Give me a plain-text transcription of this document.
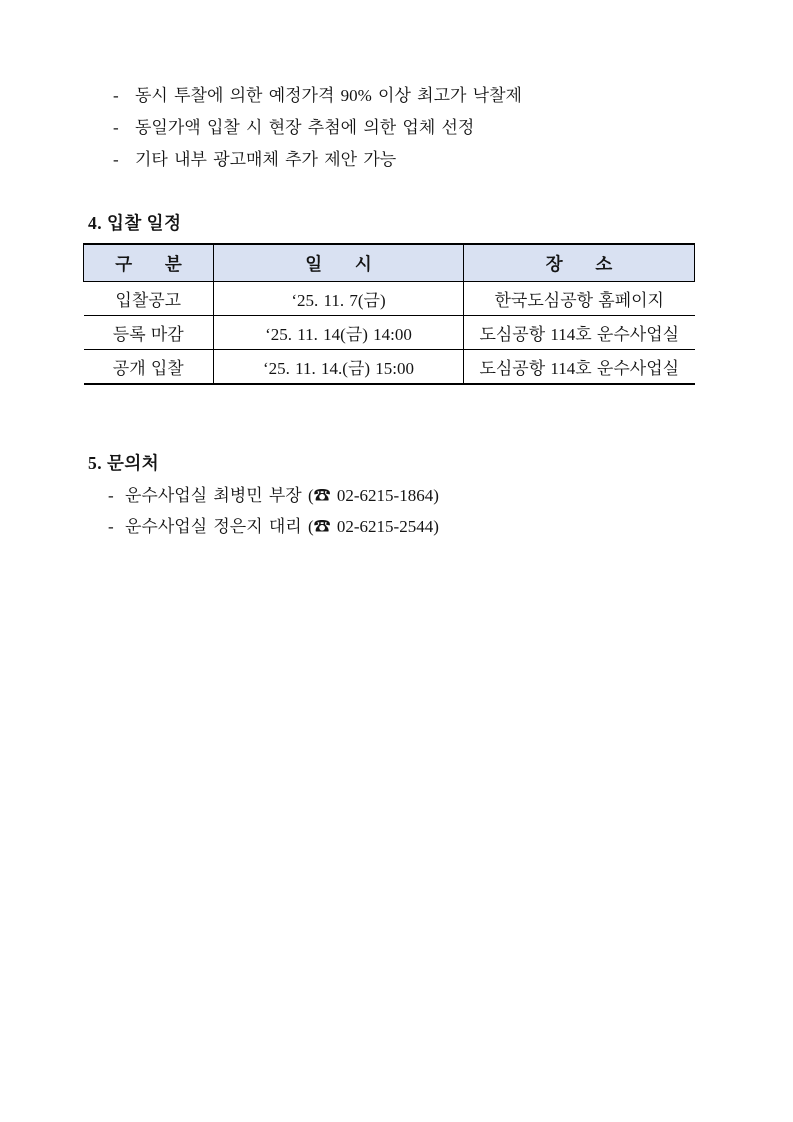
- 동시 투찰에 의한 예정가격 90% 이상 최고가 낙찰제
- 동일가액 입찰 시 현장 추첨에 의한 업체 선정
- 기타 내부 광고매체 추가 제안 가능
4. 입찰 일정
구  분	일  시	장  소
입찰공고	‘25. 11. 7(금)	한국도심공항 홈페이지
등록 마감	‘25. 11. 14(금) 14:00	도심공항 114호 운수사업실
공개 입찰	‘25. 11. 14.(금) 15:00	도심공항 114호 운수사업실
5. 문의처
- 운수사업실 최병민 부장 (☎ 02-6215-1864)
- 운수사업실 정은지 대리 (☎ 02-6215-2544)
